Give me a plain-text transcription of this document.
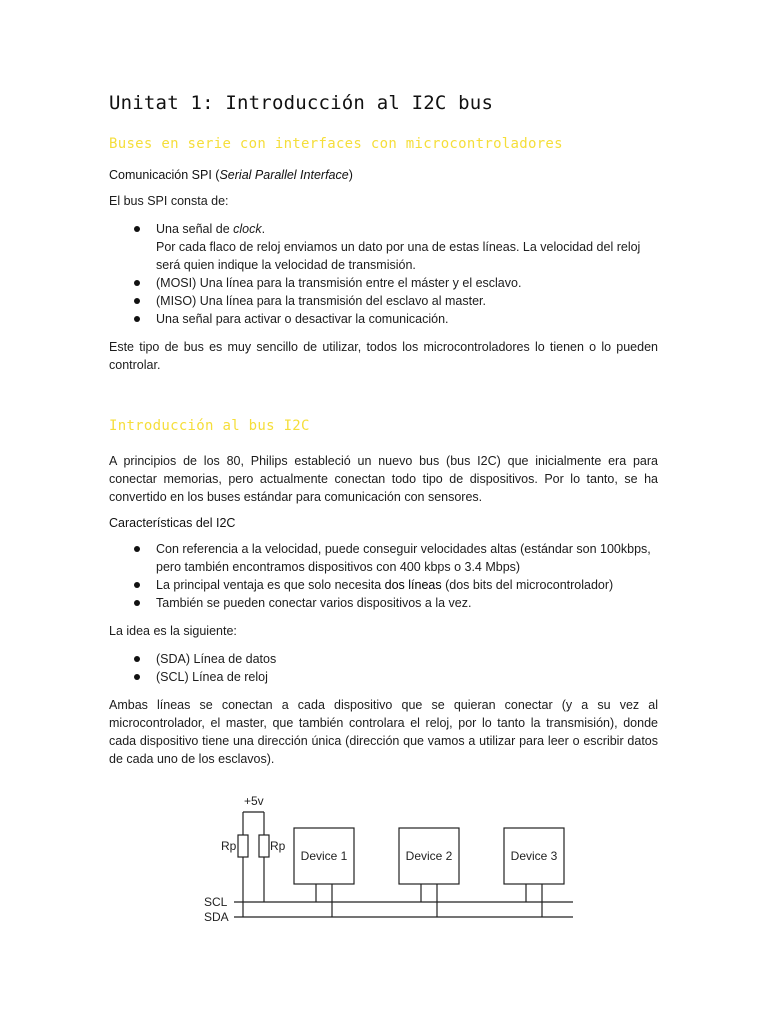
Unitat 1: Introducción al I2C bus
Buses en serie con interfaces con microcontroladores
Comunicación SPI (Serial Parallel Interface)

El bus SPI consta de:

Una señal de clock.
Por cada flaco de reloj enviamos un dato por una de estas líneas. La velocidad del reloj será quien indique la velocidad de transmisión.
(MOSI) Una línea para la transmisión entre el máster y el esclavo.
(MISO) Una línea para la transmisión del esclavo al master.
Una señal para activar o desactivar la comunicación.

Este tipo de bus es muy sencillo de utilizar, todos los microcontroladores lo tienen o lo pueden controlar.

Introducción al bus I2C

A principios de los 80, Philips estableció un nuevo bus (bus I2C) que inicialmente era para conectar memorias, pero actualmente conectan todo tipo de dispositivos. Por lo tanto, se ha convertido en los buses estándar para comunicación con sensores.

Características del I2C
Con referencia a la velocidad, puede conseguir velocidades altas (estándar son 100kbps, pero también encontramos dispositivos con 400 kbps o 3.4 Mbps)
La principal ventaja es que solo necesita dos líneas (dos bits del microcontrolador)
También se pueden conectar varios dispositivos a la vez.

La idea es la siguiente:

(SDA) Línea de datos
(SCL) Línea de reloj

Ambas líneas se conectan a cada dispositivo que se quieran conectar (y a su vez al microcontrolador, el master, que también controlara el reloj, por lo tanto la transmisión), donde cada dispositivo tiene una dirección única (dirección que vamos a utilizar para leer o escribir datos de cada uno de los esclavos).

+5v
Rp	Rp
Device 1	Device 2	Device 3
SCL
SDA
